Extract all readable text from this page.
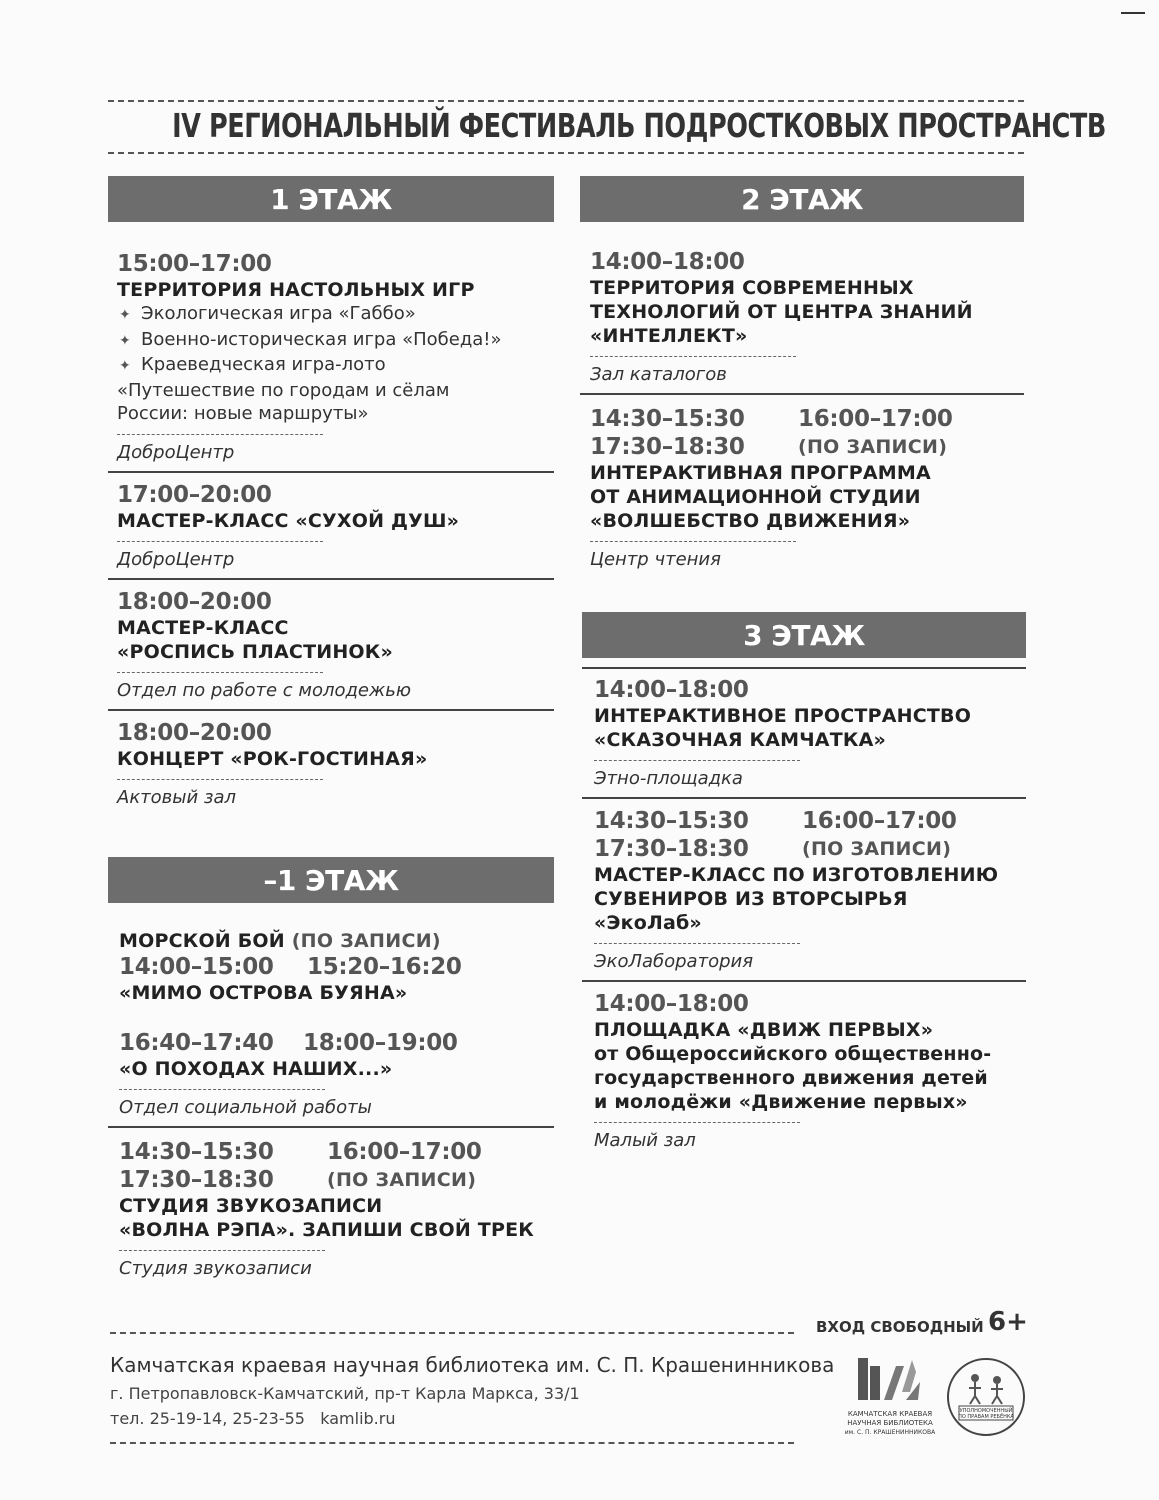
IV РЕГИОНАЛЬНЫЙ ФЕСТИВАЛЬ ПОДРОСТКОВЫХ ПРОСТРАНСТВ
1 ЭТАЖ
15:00–17:00
ТЕРРИТОРИЯ НАСТОЛЬНЫХ ИГР
✦ Экологическая игра «Габбо»
✦ Военно-историческая игра «Победа!»
✦ Краеведческая игра-лото
«Путешествие по городам и сёлам
России: новые маршруты»
ДоброЦентр
17:00–20:00
МАСТЕР-КЛАСС «СУХОЙ ДУШ»
ДоброЦентр
18:00–20:00
МАСТЕР-КЛАСС
«РОСПИСЬ ПЛАСТИНОК»
Отдел по работе с молодежью
18:00–20:00
КОНЦЕРТ «РОК-ГОСТИНАЯ»
Актовый зал
–1 ЭТАЖ
МОРСКОЙ БОЙ (ПО ЗАПИСИ)
14:00–15:00	15:20–16:20
«МИМО ОСТРОВА БУЯНА»
16:40–17:40	18:00–19:00
«О ПОХОДАХ НАШИХ...»
Отдел социальной работы
14:30–15:30	16:00–17:00
17:30–18:30	(ПО ЗАПИСИ)
СТУДИЯ ЗВУКОЗАПИСИ
«ВОЛНА РЭПА». ЗАПИШИ СВОЙ ТРЕК
Студия звукозаписи
2 ЭТАЖ
14:00–18:00
ТЕРРИТОРИЯ СОВРЕМЕННЫХ
ТЕХНОЛОГИЙ ОТ ЦЕНТРА ЗНАНИЙ
«ИНТЕЛЛЕКТ»
Зал каталогов
14:30–15:30	16:00–17:00
17:30–18:30	(ПО ЗАПИСИ)
ИНТЕРАКТИВНАЯ ПРОГРАММА
ОТ АНИМАЦИОННОЙ СТУДИИ
«ВОЛШЕБСТВО ДВИЖЕНИЯ»
Центр чтения
3 ЭТАЖ
14:00–18:00
ИНТЕРАКТИВНОЕ ПРОСТРАНСТВО
«СКАЗОЧНАЯ КАМЧАТКА»
Этно-площадка
14:30–15:30	16:00–17:00
17:30–18:30	(ПО ЗАПИСИ)
МАСТЕР-КЛАСС ПО ИЗГОТОВЛЕНИЮ
СУВЕНИРОВ ИЗ ВТОРСЫРЬЯ
«ЭкоЛаб»
ЭкоЛаборатория
14:00–18:00
ПЛОЩАДКА «ДВИЖ ПЕРВЫХ»
от Общероссийского общественно-
государственного движения детей
и молодёжи «Движение первых»
Малый зал
ВХОД СВОБОДНЫЙ 6+
Камчатская краевая научная библиотека им. С. П. Крашенинникова
г. Петропавловск-Камчатский, пр-т Карла Маркса, 33/1
тел. 25-19-14, 25-23-55 kamlib.ru	КАМЧАТСКАЯ КРАЕВАЯ
НАУЧНАЯ БИБЛИОТЕКА
им. С. П. КРАШЕНИННИКОВА
УПОЛНОМОЧЕННЫЙ
ПО ПРАВАМ РЕБЁНКА
